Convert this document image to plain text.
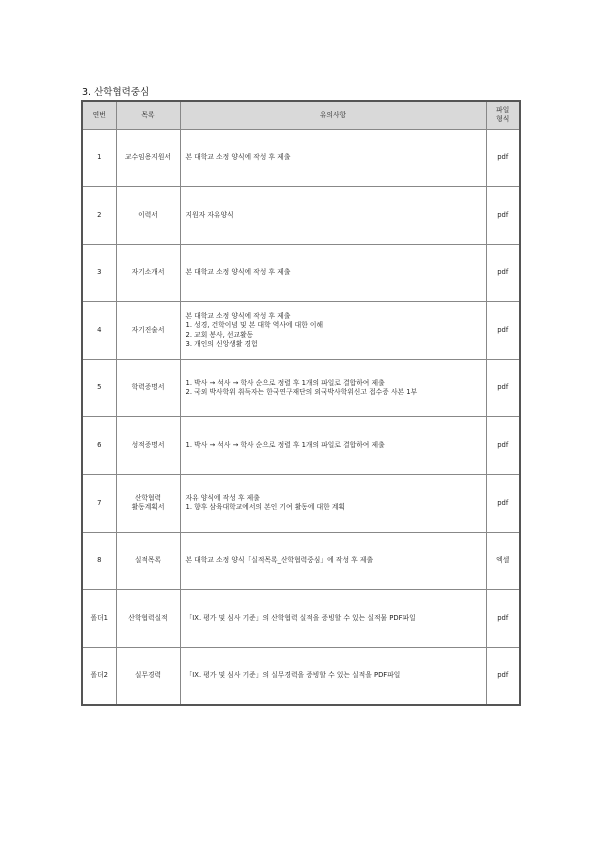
3. 산학협력중심
연번	목록	유의사항	파일
형식

1	교수임용지원서	본 대학교 소정 양식에 작성 후 제출	pdf
2	이력서	지원자 자유양식	pdf
3	자기소개서	본 대학교 소정 양식에 작성 후 제출	pdf
4	자기진술서	본 대학교 소정 양식에 작성 후 제출
1. 성경, 건학이념 및 본 대학 역사에 대한 이해
2. 교회 봉사, 선교활동
3. 개인의 신앙생활 경험	pdf
5	학력증명서	1. 박사 → 석사 → 학사 순으로 정렬 후 1개의 파일로 결합하여 제출
2. 국외 박사학위 취득자는 한국연구재단의 외국박사학위신고 접수증 사본 1부	pdf
6	성적증명서	1. 박사 → 석사 → 학사 순으로 정렬 후 1개의 파일로 결합하여 제출	pdf
7	산학협력
활동계획서	자유 양식에 작성 후 제출
1. 향후 삼육대학교에서의 본인 기여 활동에 대한 계획	pdf
8	실적목록	본 대학교 소정 양식「실적목록_산학협력중심」에 작성 후 제출	엑셀
폴더1	산학협력실적	「IX. 평가 및 심사 기준」의 산학협력 실적을 증빙할 수 있는 실적물 PDF파일	pdf
폴더2	실무경력	「IX. 평가 및 심사 기준」의 실무경력을 증빙할 수 있는 실적을 PDF파일	pdf
